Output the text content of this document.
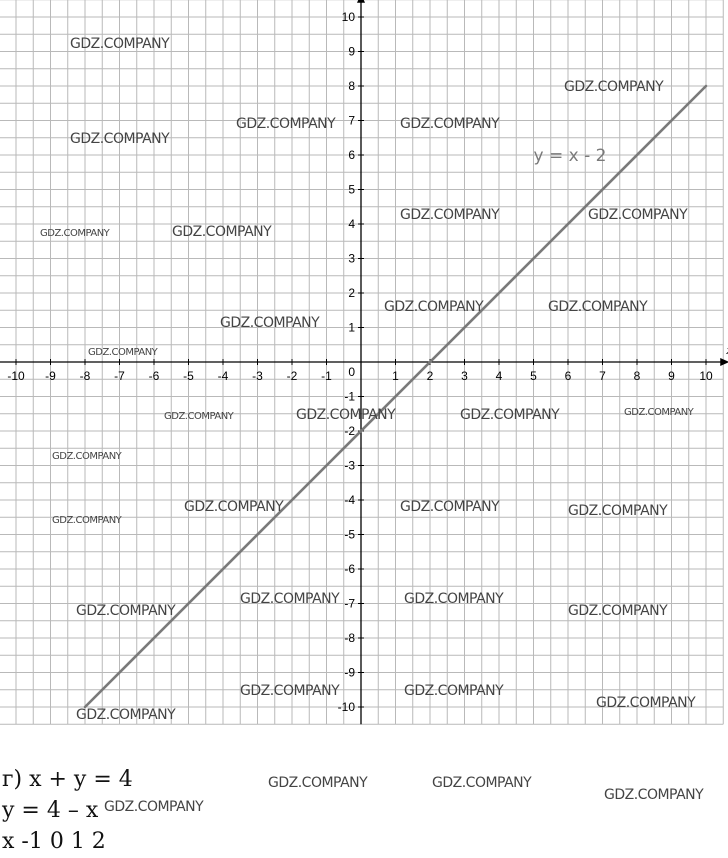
-10 -9 -8 -7 -6 -5 -4 -3 -2 -1	1 2 3 4 5 6 7 8 9 10
-10
-9
-8
-7
-6
-5
-4
-3
-2
-1
1
2
3
4
5
6
7
8
9
10
0
y = x - 2
г) x + y = 4
y = 4 – x
x -1 0 1 2
GDZ.COMPANY
GDZ.COMPANY
GDZ.COMPANY	GDZ.COMPANY
GDZ.COMPANY	GDZ.COMPANY
GDZ.COMPANY
GDZ.COMPANY	GDZ.COMPANY
GDZ.COMPANY
GDZ.COMPANY	GDZ.COMPANY
GDZ.COMPANY
GDZ.COMPANY	GDZ.COMPANY	GDZ.COMPANY	GDZ.COMPANY
GDZ.COMPANY
GDZ.COMPANY
GDZ.COMPANY	GDZ.COMPANY	GDZ.COMPANY
GDZ.COMPANY
GDZ.COMPANY	GDZ.COMPANY
GDZ.COMPANY
GDZ.COMPANY	GDZ.COMPANY
GDZ.COMPANY
GDZ.COMPANY
GDZ.COMPANY	GDZ.COMPANY
GDZ.COMPANY
GDZ.COMPANY
